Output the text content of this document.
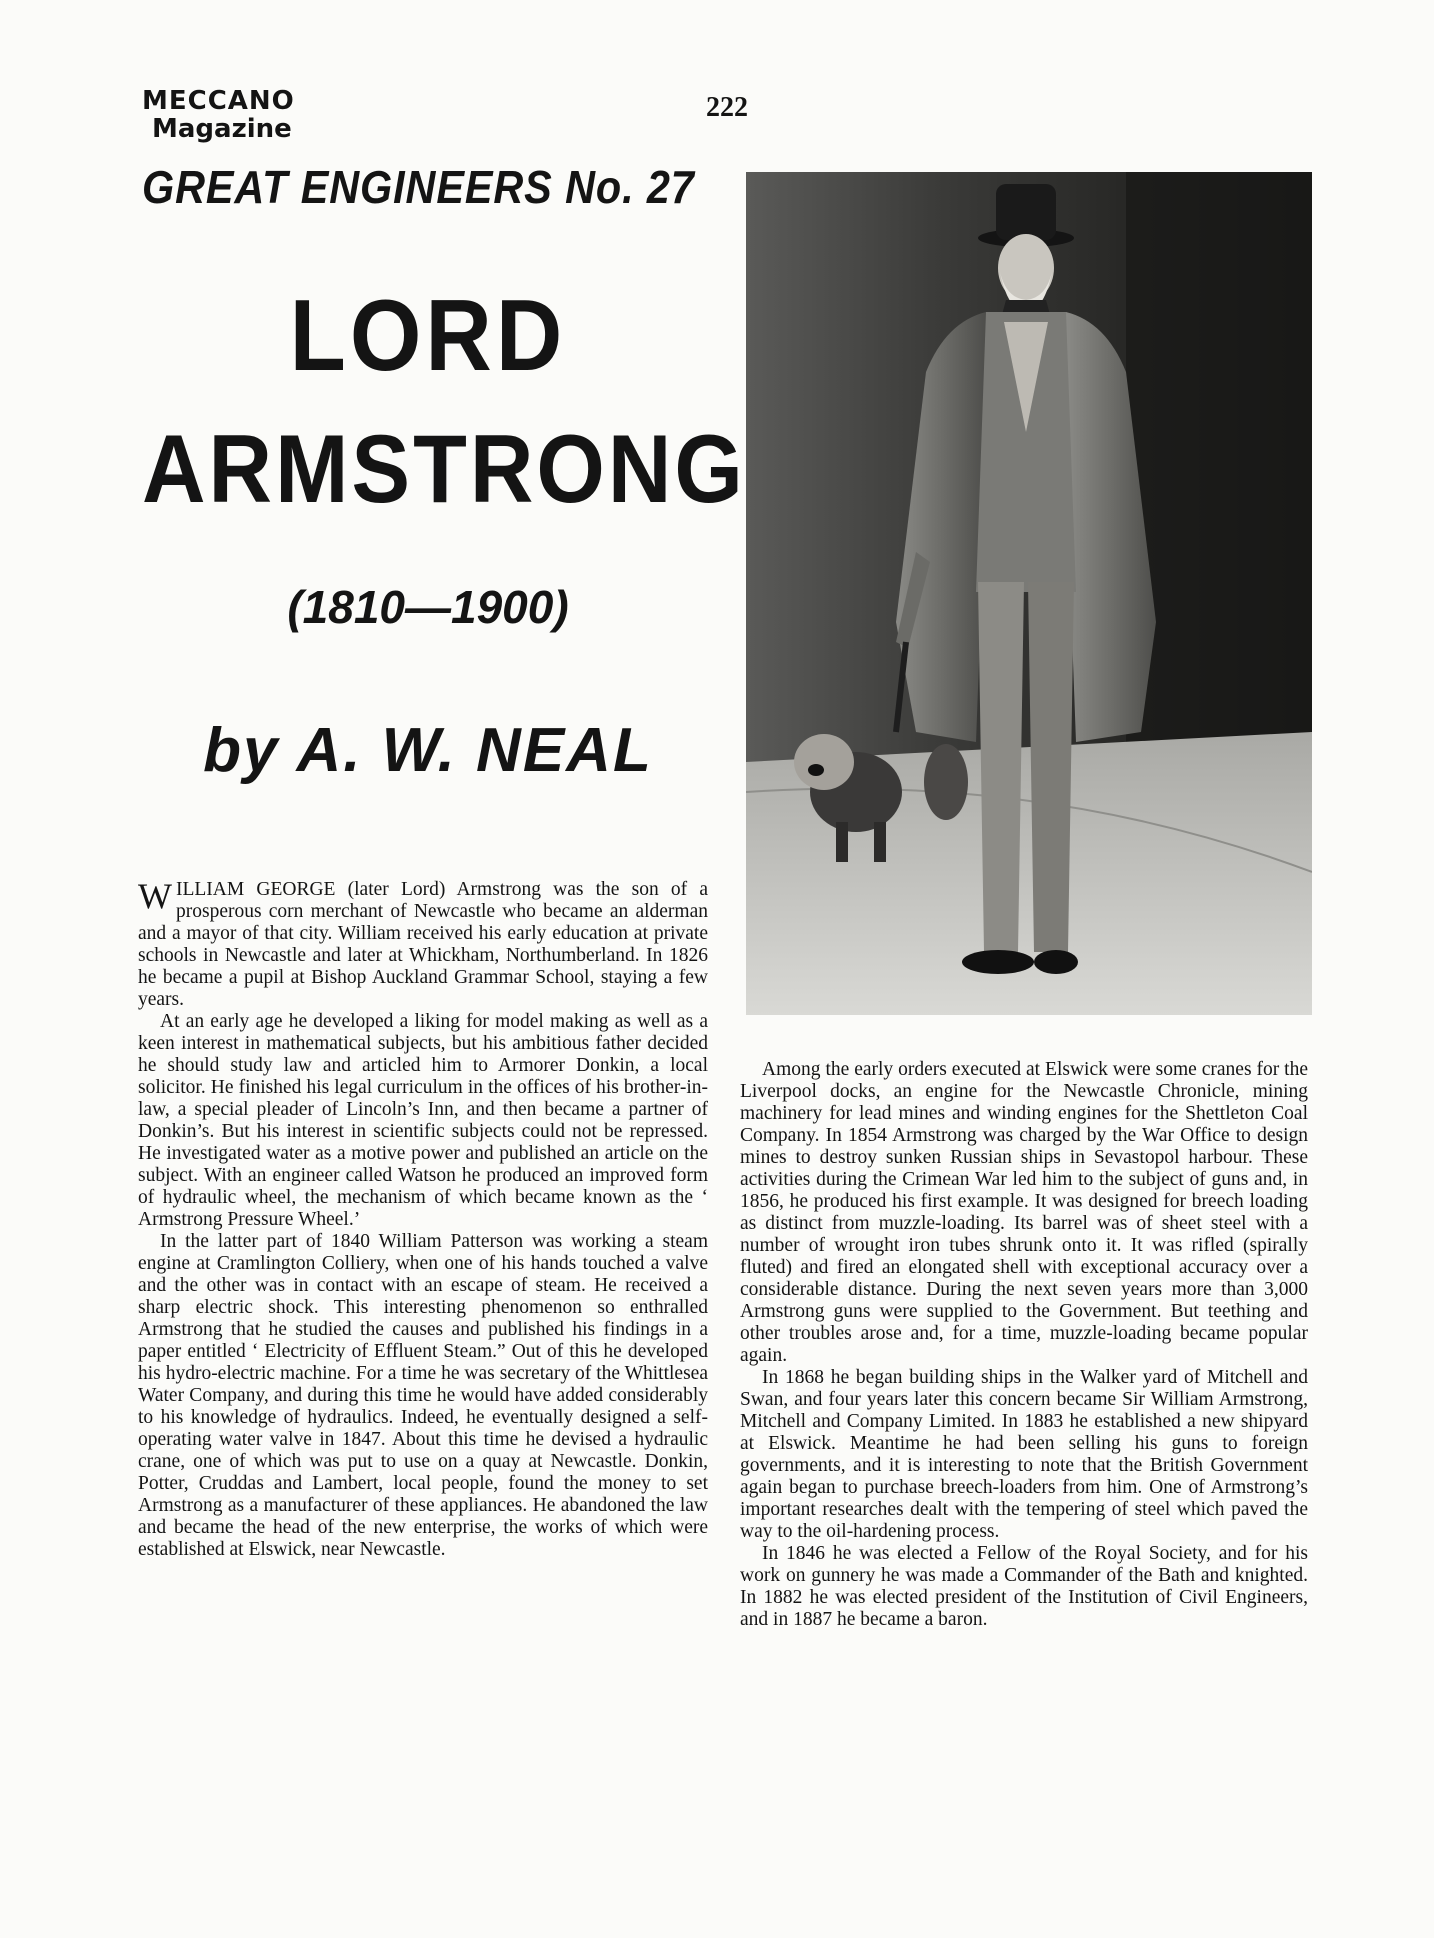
MECCANO
Magazine
222
GREAT ENGINEERS No. 27
LORD
ARMSTRONG
(1810—1900)
by A. W. NEAL

WILLIAM GEORGE (later Lord) Armstrong was the son of a prosperous corn merchant of Newcastle who became an alderman and a mayor of that city. William received his early education at private schools in Newcastle and later at Whickham, Northumberland. In 1826 he became a pupil at Bishop Auckland Grammar School, staying a few years.

At an early age he developed a liking for model making as well as a keen interest in mathematical subjects, but his ambitious father decided he should study law and articled him to Armorer Donkin, a local solicitor. He finished his legal curriculum in the offices of his brother-in-law, a special pleader of Lincoln’s Inn, and then became a partner of Donkin’s. But his interest in scientific subjects could not be repressed. He investigated water as a motive power and published an article on the subject. With an engineer called Watson he produced an improved form of hydraulic wheel, the mechanism of which became known as the ‘ Armstrong Pressure Wheel.’

In the latter part of 1840 William Patterson was working a steam engine at Cramlington Colliery, when one of his hands touched a valve and the other was in contact with an escape of steam. He received a sharp electric shock. This interesting phenomenon so enthralled Armstrong that he studied the causes and published his findings in a paper entitled ‘ Electricity of Effluent Steam.” Out of this he developed his hydro-electric machine. For a time he was secretary of the Whittlesea Water Company, and during this time he would have added considerably to his knowledge of hydraulics. Indeed, he eventually designed a self-operating water valve in 1847. About this time he devised a hydraulic crane, one of which was put to use on a quay at Newcastle. Donkin, Potter, Cruddas and Lambert, local people, found the money to set Armstrong as a manufacturer of these appliances. He abandoned the law and became the head of the new enterprise, the works of which were established at Elswick, near Newcastle.

Among the early orders executed at Elswick were some cranes for the Liverpool docks, an engine for the Newcastle Chronicle, mining machinery for lead mines and winding engines for the Shettleton Coal Company. In 1854 Armstrong was charged by the War Office to design mines to destroy sunken Russian ships in Sevastopol harbour. These activities during the Crimean War led him to the subject of guns and, in 1856, he produced his first example. It was designed for breech loading as distinct from muzzle-loading. Its barrel was of sheet steel with a number of wrought iron tubes shrunk onto it. It was rifled (spirally fluted) and fired an elongated shell with exceptional accuracy over a considerable distance. During the next seven years more than 3,000 Armstrong guns were supplied to the Government. But teething and other troubles arose and, for a time, muzzle-loading became popular again.

In 1868 he began building ships in the Walker yard of Mitchell and Swan, and four years later this concern became Sir William Armstrong, Mitchell and Company Limited. In 1883 he established a new shipyard at Elswick. Meantime he had been selling his guns to foreign governments, and it is interesting to note that the British Government again began to purchase breech-loaders from him. One of Armstrong’s important researches dealt with the tempering of steel which paved the way to the oil-hardening process.

In 1846 he was elected a Fellow of the Royal Society, and for his work on gunnery he was made a Commander of the Bath and knighted. In 1882 he was elected president of the Institution of Civil Engineers, and in 1887 he became a baron.
